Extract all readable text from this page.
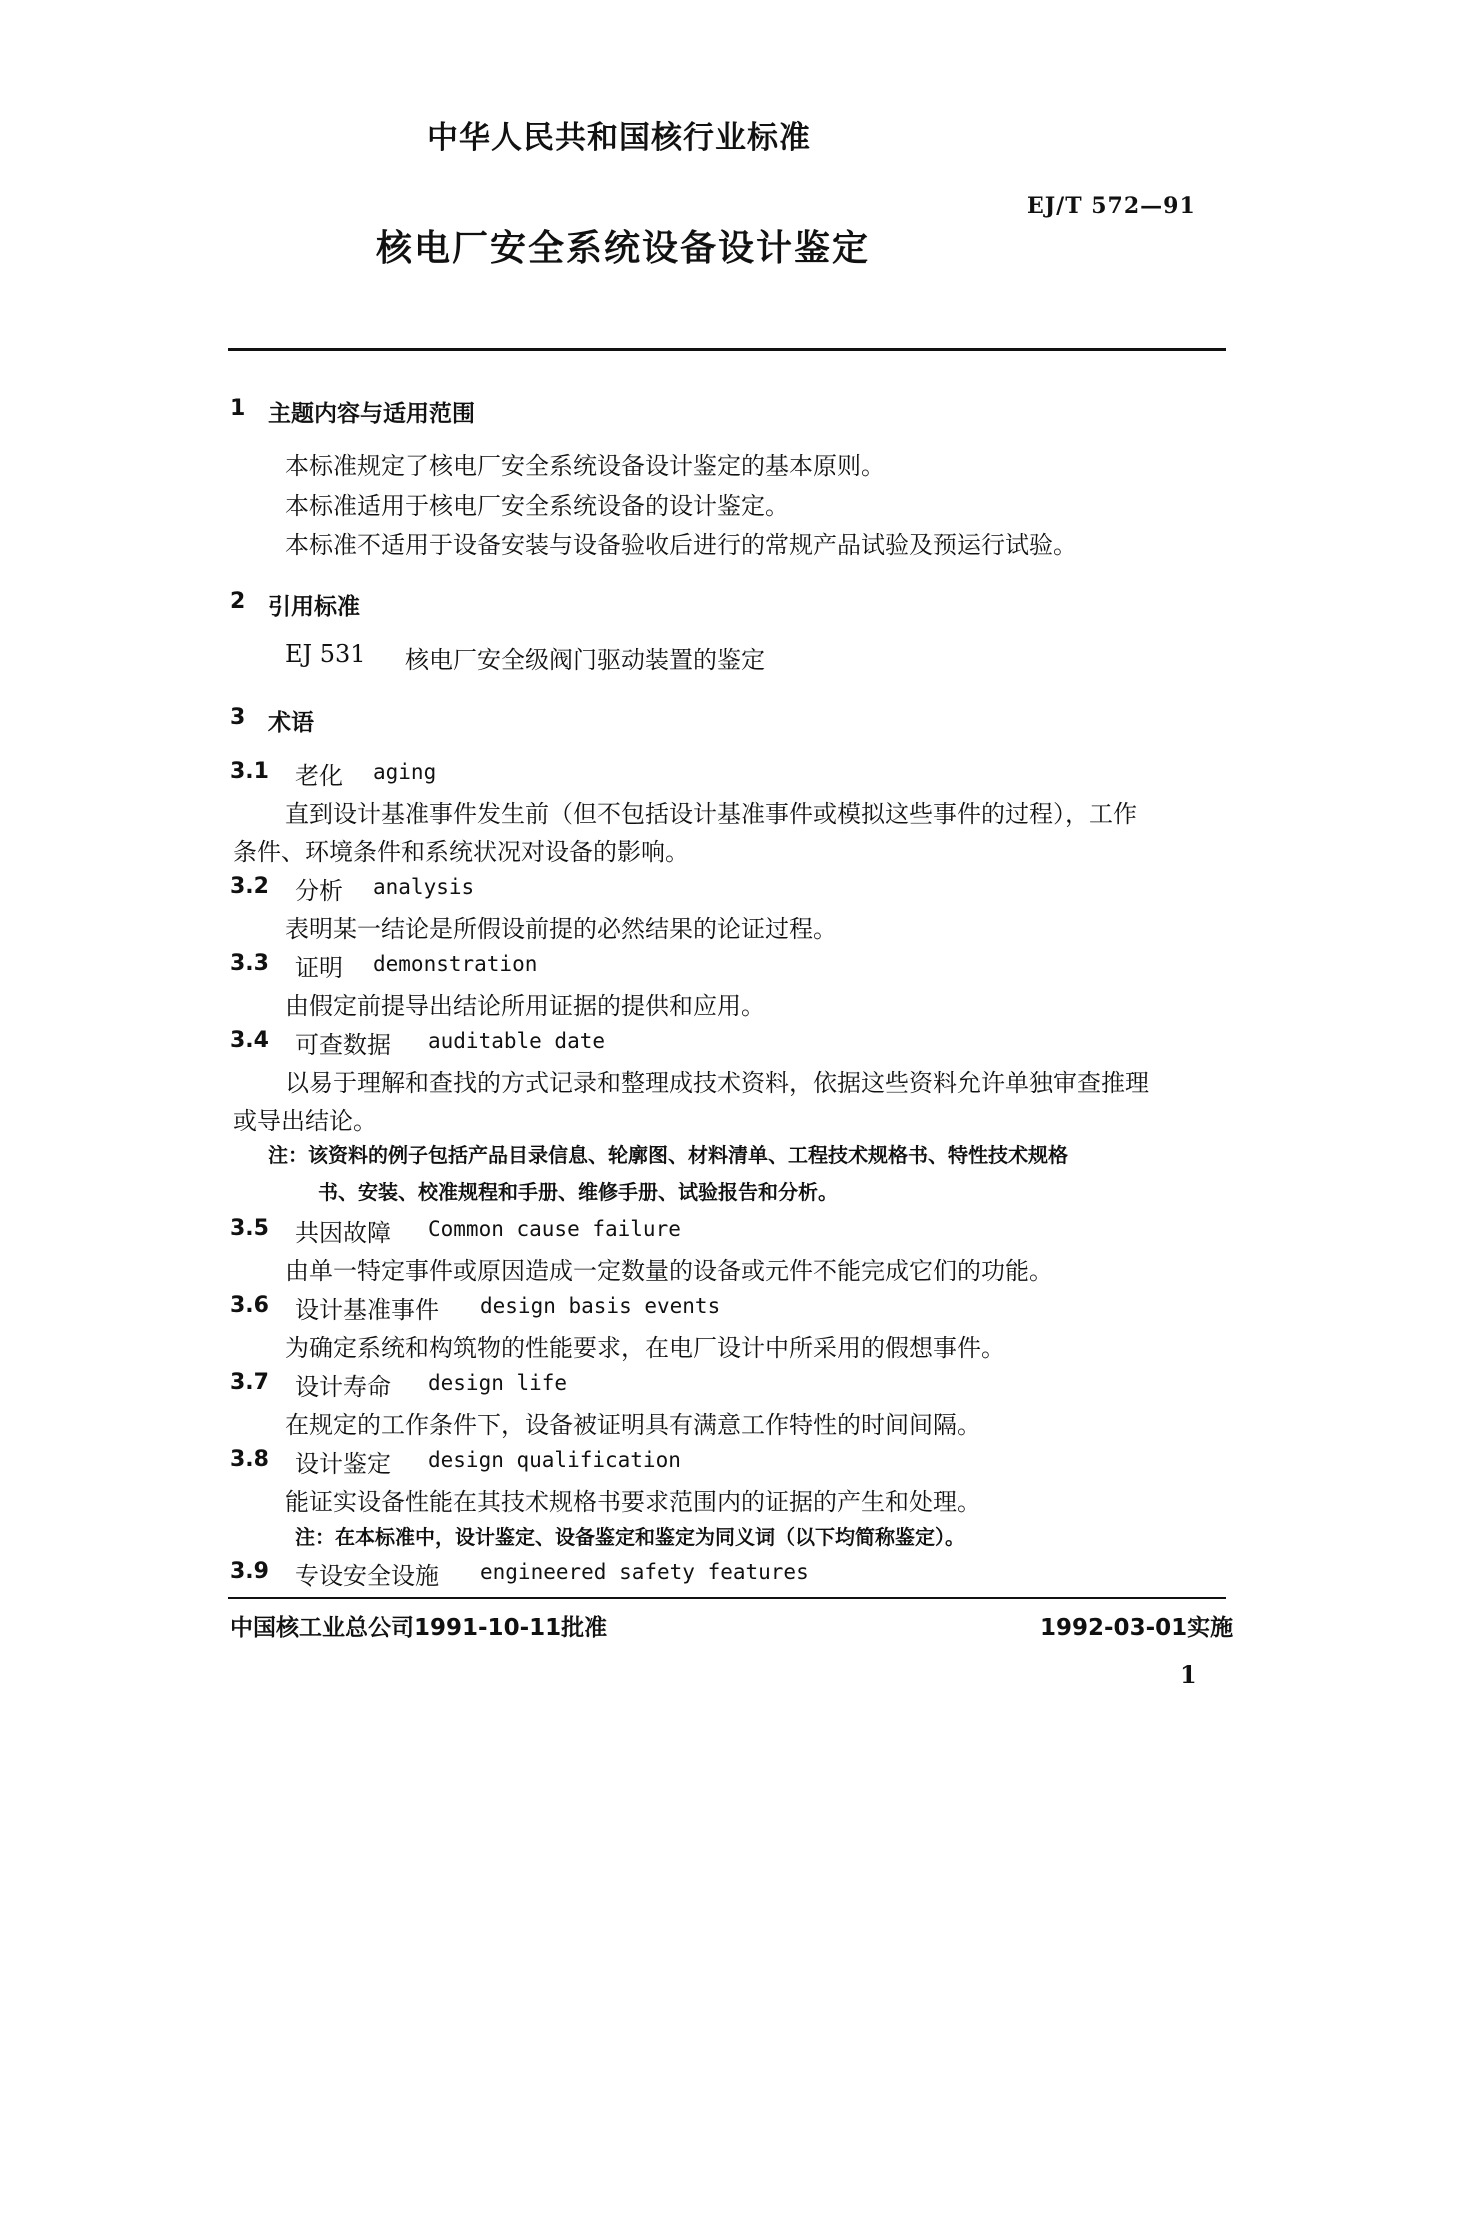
中华人民共和国核行业标准
EJ/T 572—91
核电厂安全系统设备设计鉴定
1 主题内容与适用范围
本标准规定了核电厂安全系统设备设计鉴定的基本原则。
本标准适用于核电厂安全系统设备的设计鉴定。
本标准不适用于设备安装与设备验收后进行的常规产品试验及预运行试验。
2 引用标准
EJ 531 核电厂安全级阀门驱动装置的鉴定
3 术语
3.1 老化 aging
直到设计基准事件发生前（但不包括设计基准事件或模拟这些事件的过程），工作
条件、环境条件和系统状况对设备的影响。
3.2 分析 analysis
表明某一结论是所假设前提的必然结果的论证过程。
3.3 证明 demonstration
由假定前提导出结论所用证据的提供和应用。
3.4 可查数据 auditable date
以易于理解和查找的方式记录和整理成技术资料，依据这些资料允许单独审查推理
或导出结论。
注：该资料的例子包括产品目录信息、轮廓图、材料清单、工程技术规格书、特性技术规格
书、安装、校准规程和手册、维修手册、试验报告和分析。
3.5 共因故障 Common cause failure
由单一特定事件或原因造成一定数量的设备或元件不能完成它们的功能。
3.6 设计基准事件 design basis events
为确定系统和构筑物的性能要求，在电厂设计中所采用的假想事件。
3.7 设计寿命 design life
在规定的工作条件下，设备被证明具有满意工作特性的时间间隔。
3.8 设计鉴定 design qualification
能证实设备性能在其技术规格书要求范围内的证据的产生和处理。
注：在本标准中，设计鉴定、设备鉴定和鉴定为同义词（以下均简称鉴定）。
3.9 专设安全设施 engineered safety features
中国核工业总公司1991-10-11批准	1992-03-01实施
1
